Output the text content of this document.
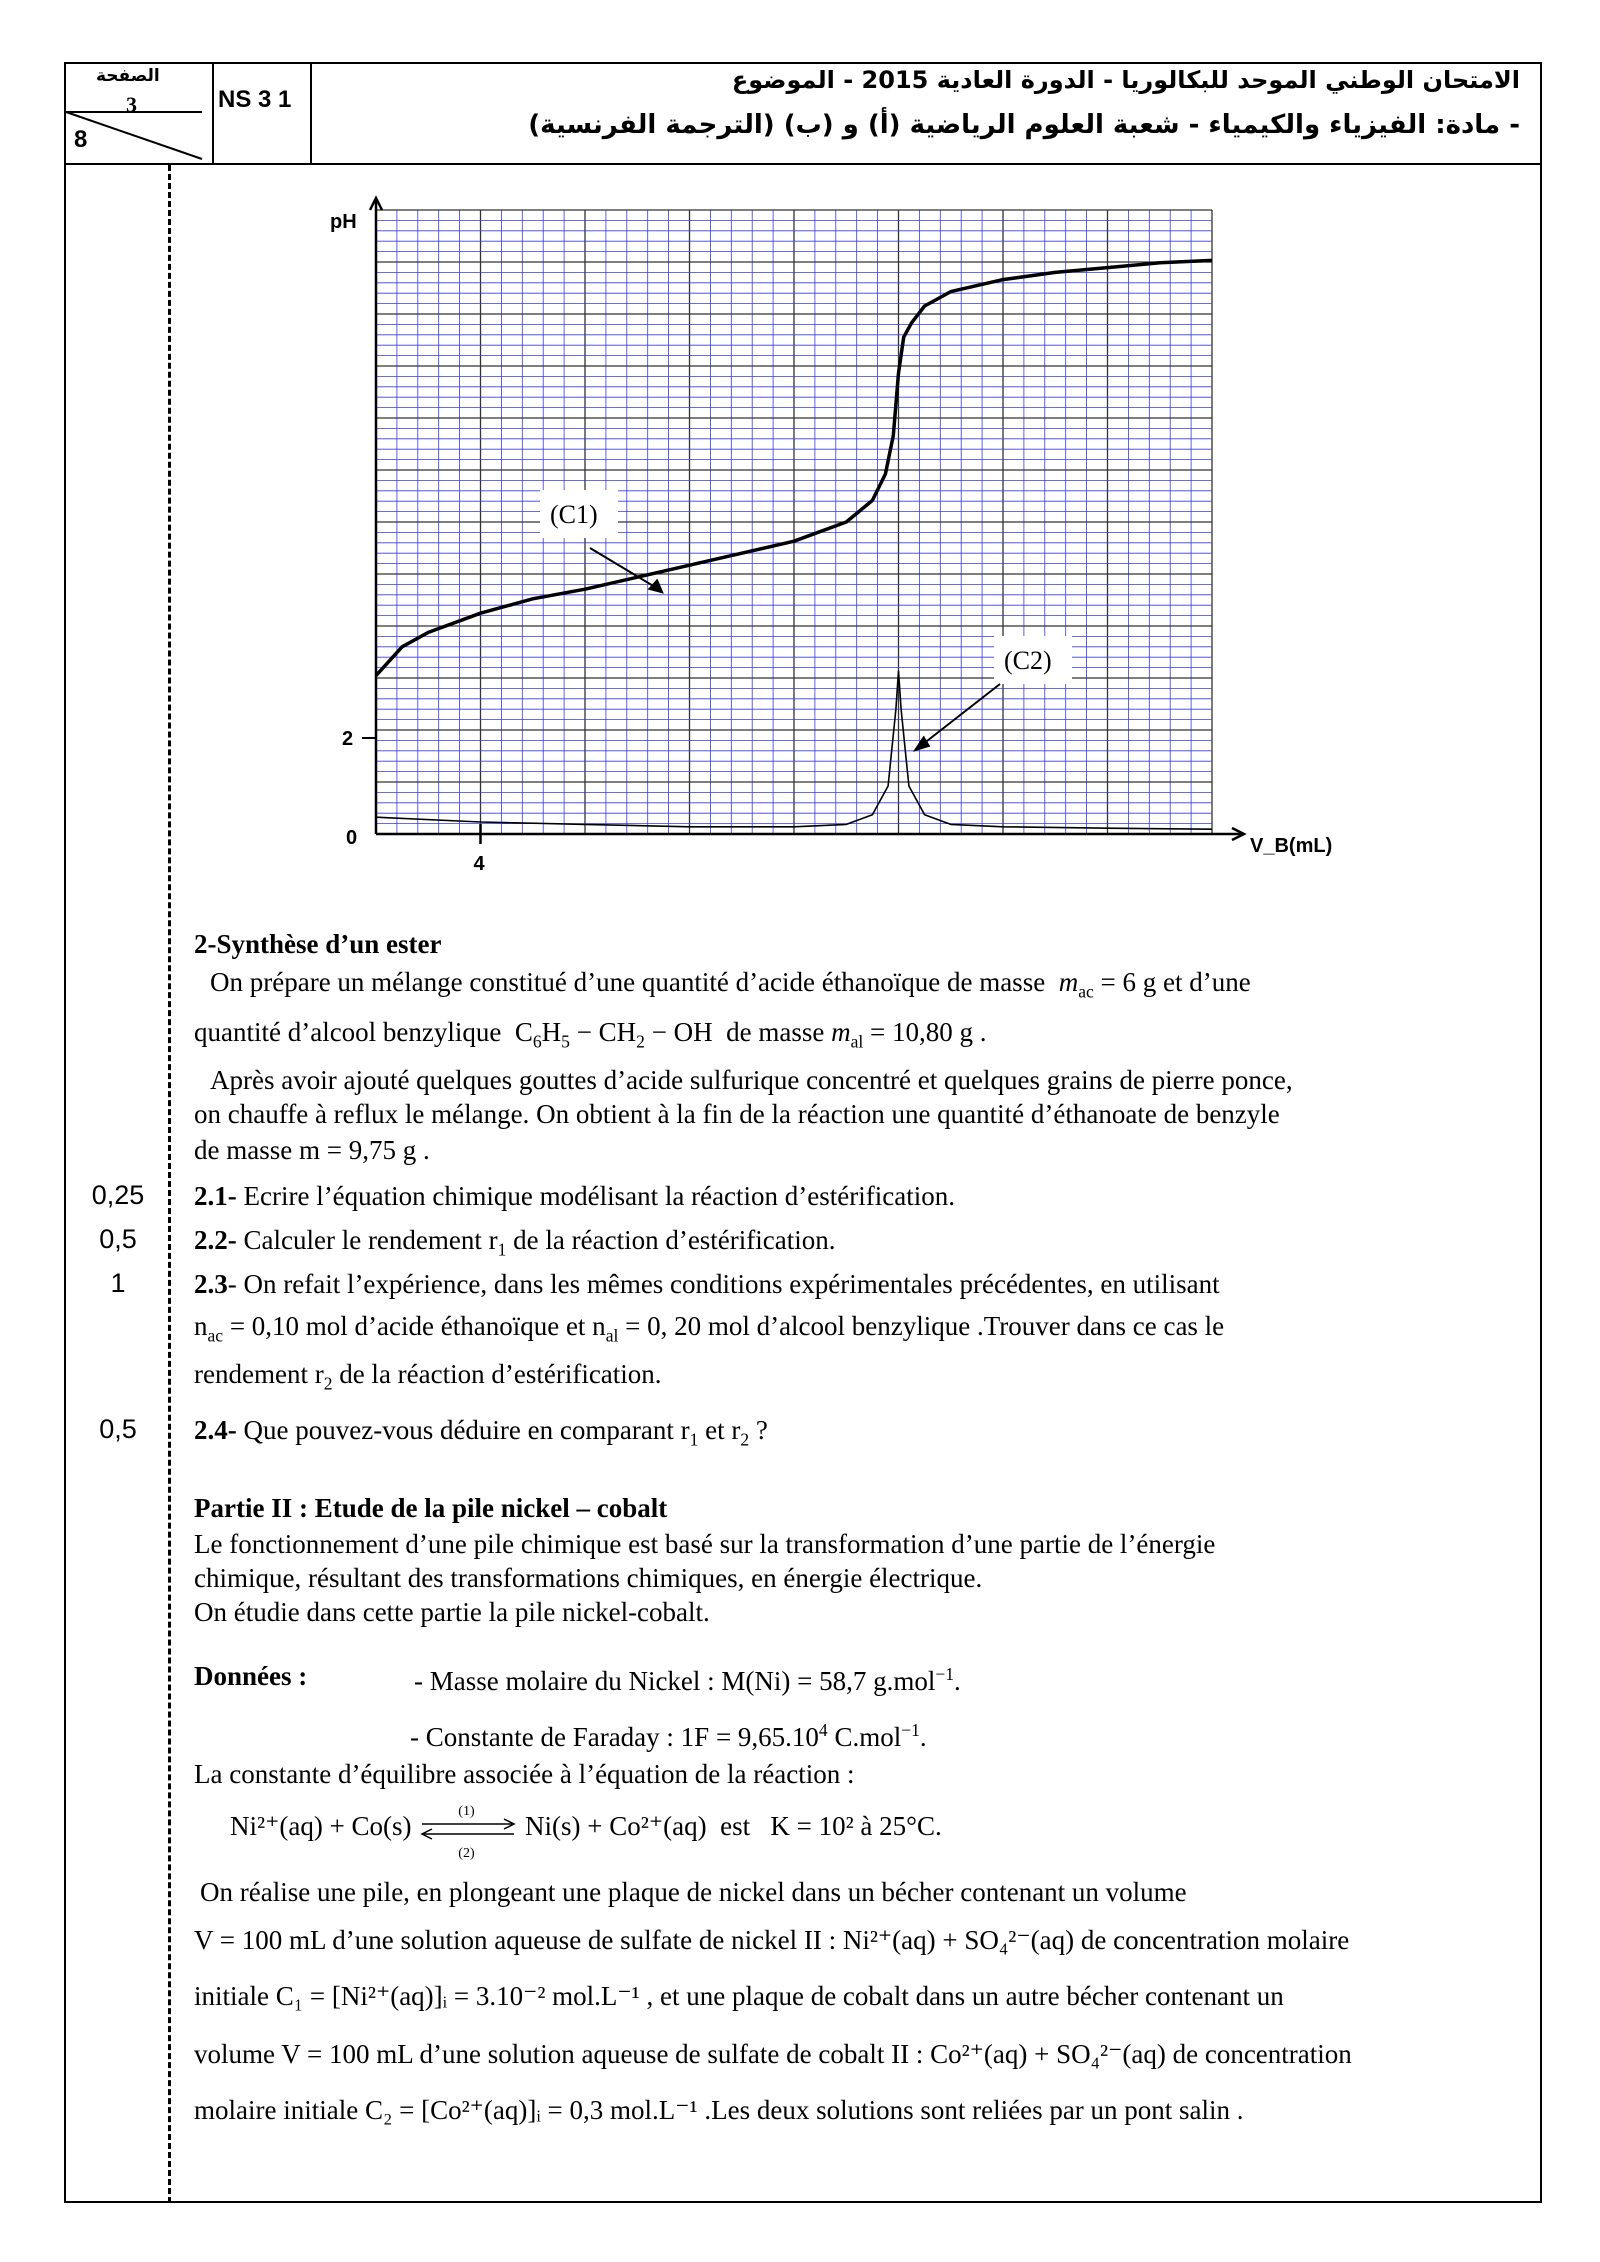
الصفحة
3
8
NS 3 1
الامتحان الوطني الموحد للبكالوريا - الدورة العادية 2015 - الموضوع
- مادة: الفيزياء والكيمياء - شعبة العلوم الرياضية (أ) و (ب) (الترجمة الفرنسية)
pH
2
0
4
V_B(mL)
(C1)
(C2)
2-Synthèse d’un ester
On prépare un mélange constitué d’une quantité d’acide éthanoïque de masse $m_{ac} = 6$ g et d’une
quantité d’alcool benzylique  $C_6H_5 - CH_2$ − OH  de masse $m_{al} = 10,80$ g .
Après avoir ajouté quelques gouttes d’acide sulfurique concentré et quelques grains de pierre ponce,
on chauffe à reflux le mélange. On obtient à la fin de la réaction une quantité d’éthanoate de benzyle
de masse m = 9,75 g .
0,25	2.1- Ecrire l’équation chimique modélisant la réaction d’estérification.
0,5	2.2- Calculer le rendement $r_1$ de la réaction d’estérification.
1	2.3- On refait l’expérience, dans les mêmes conditions expérimentales précédentes, en utilisant
$n_{ac} = 0,10$ mol d’acide éthanoïque et $n_{al} = 0$, 20 mol d’alcool benzylique .Trouver dans ce cas le
rendement $r_2$ de la réaction d’estérification.
0,5	2.4- Que pouvez-vous déduire en comparant $r_1$ et $r_2$ ?
Partie II : Etude de la pile nickel – cobalt
Le fonctionnement d’une pile chimique est basé sur la transformation d’une partie de l’énergie
chimique, résultant des transformations chimiques, en énergie électrique.
On étudie dans cette partie la pile nickel-cobalt.
Données :	- Masse molaire du Nickel : M(Ni) = 58,7 g.mol$^{-1}$.
- Constante de Faraday : $1F = 9,65.10^4$ C.mol$^{-1}$.
La constante d’équilibre associée à l’équation de la réaction :
Ni²⁺(aq) + Co(s)	(1)
(2)
Ni(s) + Co²⁺(aq) est K = 10² à 25°C.
On réalise une pile, en plongeant une plaque de nickel dans un bécher contenant un volume
V = 100 mL d’une solution aqueuse de sulfate de nickel II : Ni²⁺(aq) + SO₄²⁻(aq) de concentration molaire
initiale C₁ = [Ni²⁺(aq)]ᵢ = 3.10⁻² mol.L⁻¹ , et une plaque de cobalt dans un autre bécher contenant un
volume V = 100 mL d’une solution aqueuse de sulfate de cobalt II : Co²⁺(aq) + SO₄²⁻(aq) de concentration
molaire initiale C₂ = [Co²⁺(aq)]ᵢ = 0,3 mol.L⁻¹ .Les deux solutions sont reliées par un pont salin .
